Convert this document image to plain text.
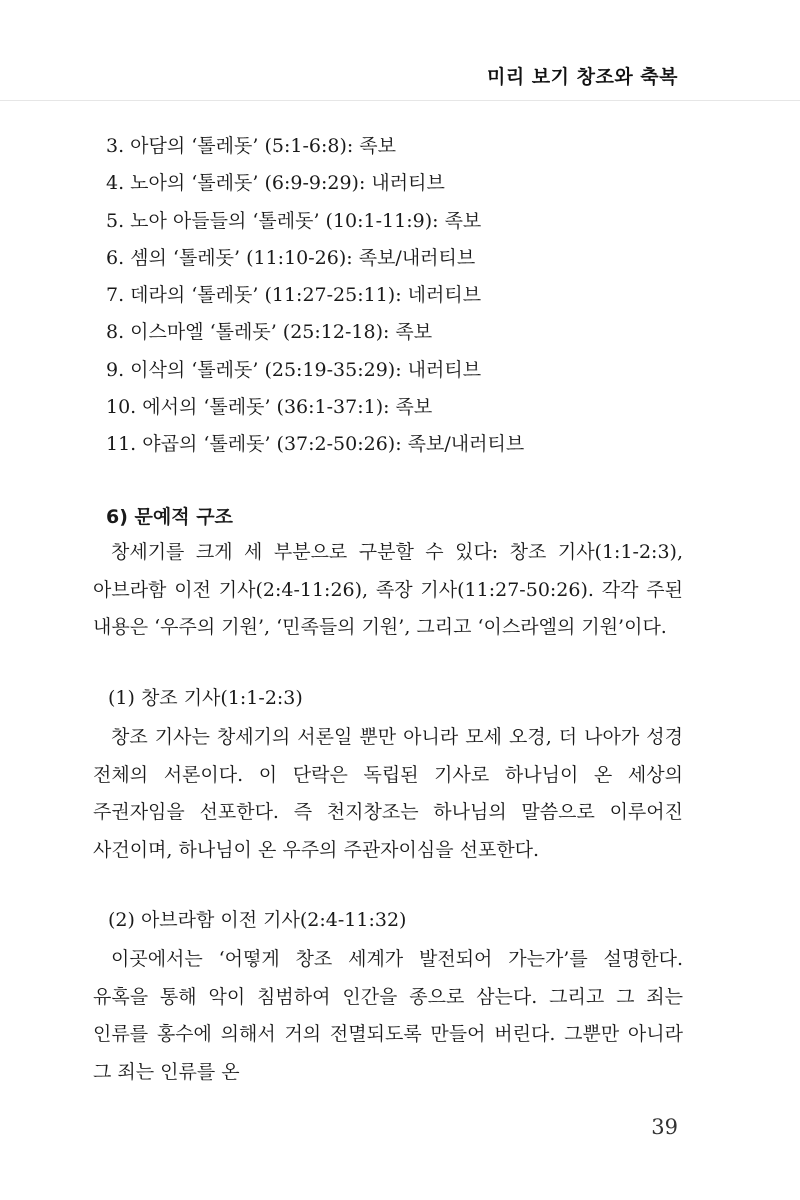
미리 보기 창조와 축복
3. 아담의 ‘톨레돗’ (5:1-6:8): 족보
4. 노아의 ‘톨레돗’ (6:9-9:29): 내러티브
5. 노아 아들들의 ‘톨레돗’ (10:1-11:9): 족보
6. 셈의 ‘톨레돗’ (11:10-26): 족보/내러티브
7. 데라의 ‘톨레돗’ (11:27-25:11): 네러티브
8. 이스마엘 ‘톨레돗’ (25:12-18): 족보
9. 이삭의 ‘톨레돗’ (25:19-35:29): 내러티브
10. 에서의 ‘톨레돗’ (36:1-37:1): 족보
11. 야곱의 ‘톨레돗’ (37:2-50:26): 족보/내러티브
6) 문예적 구조

창세기를 크게 세 부분으로 구분할 수 있다: 창조 기사(1:1-2:3), 아브라함 이전 기사(2:4-11:26), 족장 기사(11:27-50:26). 각각 주된 내용은 ‘우주의 기원’, ‘민족들의 기원’, 그리고 ‘이스라엘의 기원’이다.

(1) 창조 기사(1:1-2:3)

창조 기사는 창세기의 서론일 뿐만 아니라 모세 오경, 더 나아가 성경 전체의 서론이다. 이 단락은 독립된 기사로 하나님이 온 세상의 주권자임을 선포한다. 즉 천지창조는 하나님의 말씀으로 이루어진 사건이며, 하나님이 온 우주의 주관자이심을 선포한다.

(2) 아브라함 이전 기사(2:4-11:32)

이곳에서는 ‘어떻게 창조 세계가 발전되어 가는가’를 설명한다. 유혹을 통해 악이 침범하여 인간을 종으로 삼는다. 그리고 그 죄는 인류를 홍수에 의해서 거의 전멸되도록 만들어 버린다. 그뿐만 아니라 그 죄는 인류를 온

39
